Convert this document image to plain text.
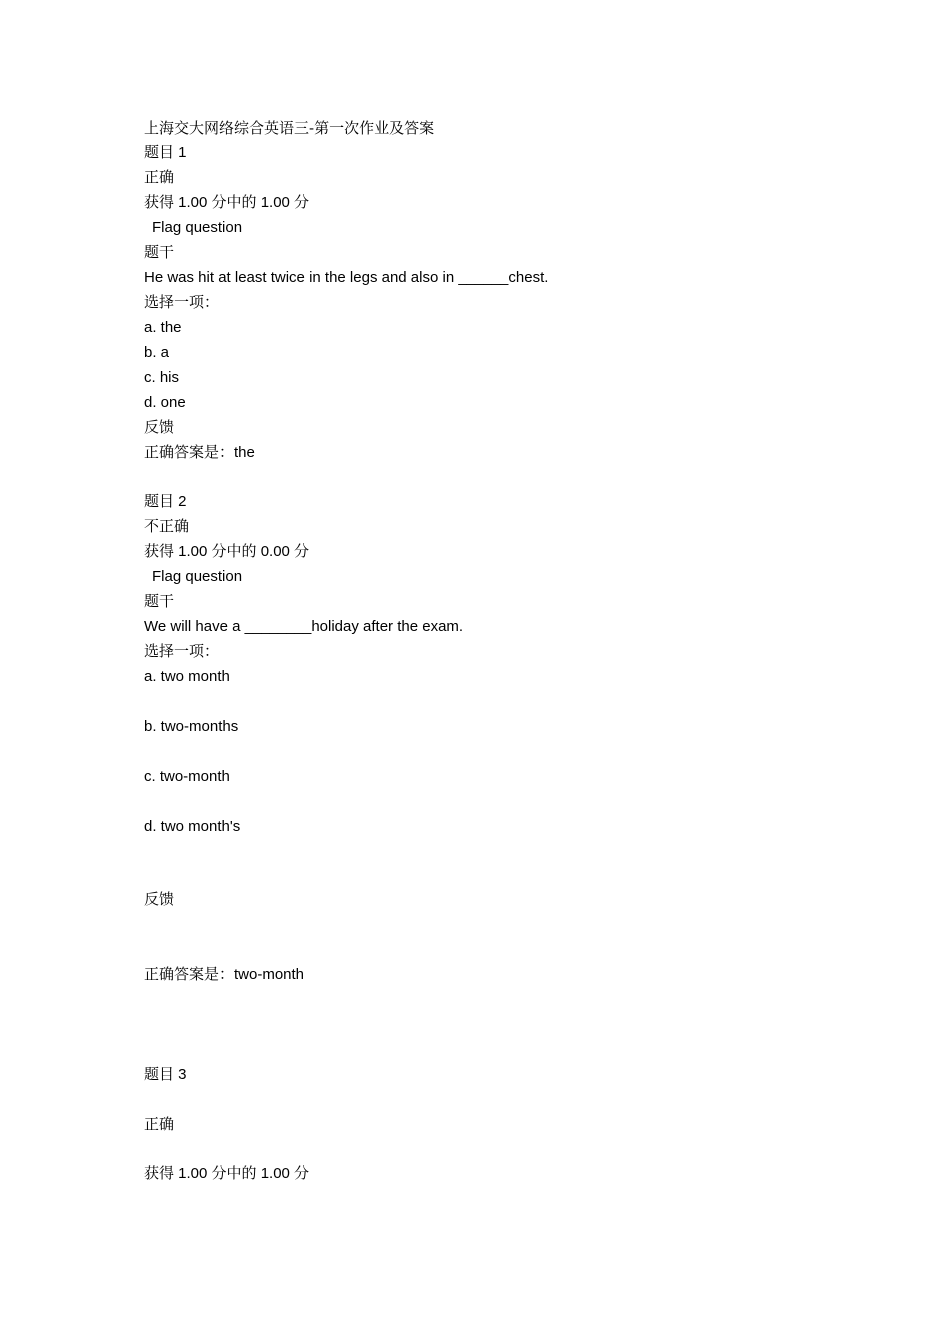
上海交大网络综合英语三-第一次作业及答案
题目 1
正确
获得 1.00 分中的 1.00 分
Flag question
题干
He was hit at least twice in the legs and also in ______chest.
选择一项：
a. the
b. a
c. his
d. one
反馈
正确答案是：the
题目 2
不正确
获得 1.00 分中的 0.00 分
Flag question
题干
We will have a ________holiday after the exam.
选择一项：
a. two month
b. two-months
c. two-month
d. two month's
反馈
正确答案是：two-month
题目 3
正确
获得 1.00 分中的 1.00 分
